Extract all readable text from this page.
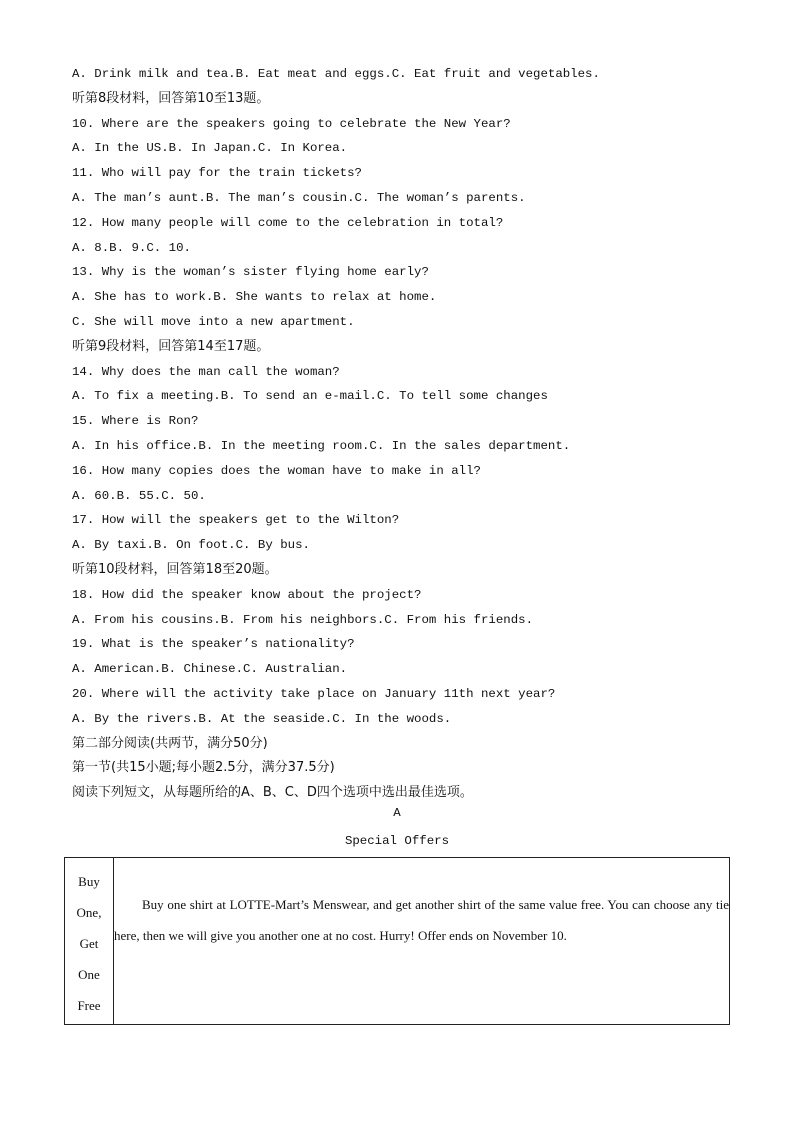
A. Drink milk and tea.B. Eat meat and eggs.C. Eat fruit and vegetables.
听第8段材料，回答第10至13题。
10. Where are the speakers going to celebrate the New Year?
A. In the US.B. In Japan.C. In Korea.
11. Who will pay for the train tickets?
A. The man’s aunt.B. The man’s cousin.C. The woman’s parents.
12. How many people will come to the celebration in total?
A. 8.B. 9.C. 10.
13. Why is the woman’s sister flying home early?
A. She has to work.B. She wants to relax at home.
C. She will move into a new apartment.
听第9段材料，回答第14至17题。
14. Why does the man call the woman?
A. To fix a meeting.B. To send an e-mail.C. To tell some changes
15. Where is Ron?
A. In his office.B. In the meeting room.C. In the sales department.
16. How many copies does the woman have to make in all?
A. 60.B. 55.C. 50.
17. How will the speakers get to the Wilton?
A. By taxi.B. On foot.C. By bus.
听第10段材料，回答第18至20题。
18. How did the speaker know about the project?
A. From his cousins.B. From his neighbors.C. From his friends.
19. What is the speaker’s nationality?
A. American.B. Chinese.C. Australian.
20. Where will the activity take place on January 11th next year?
A. By the rivers.B. At the seaside.C. In the woods.
第二部分阅读(共两节，满分50分)
第一节(共15小题;每小题2.5分，满分37.5分)
阅读下列短文，从每题所给的A、B、C、D四个选项中选出最佳选项。
A
Special Offers
Buy
One,
Get
One
Free

Buy one shirt at LOTTE-Mart’s Menswear, and get another shirt of the same value free. You can choose any tie here, then we will give you another one at no cost. Hurry! Offer ends on November 10.
